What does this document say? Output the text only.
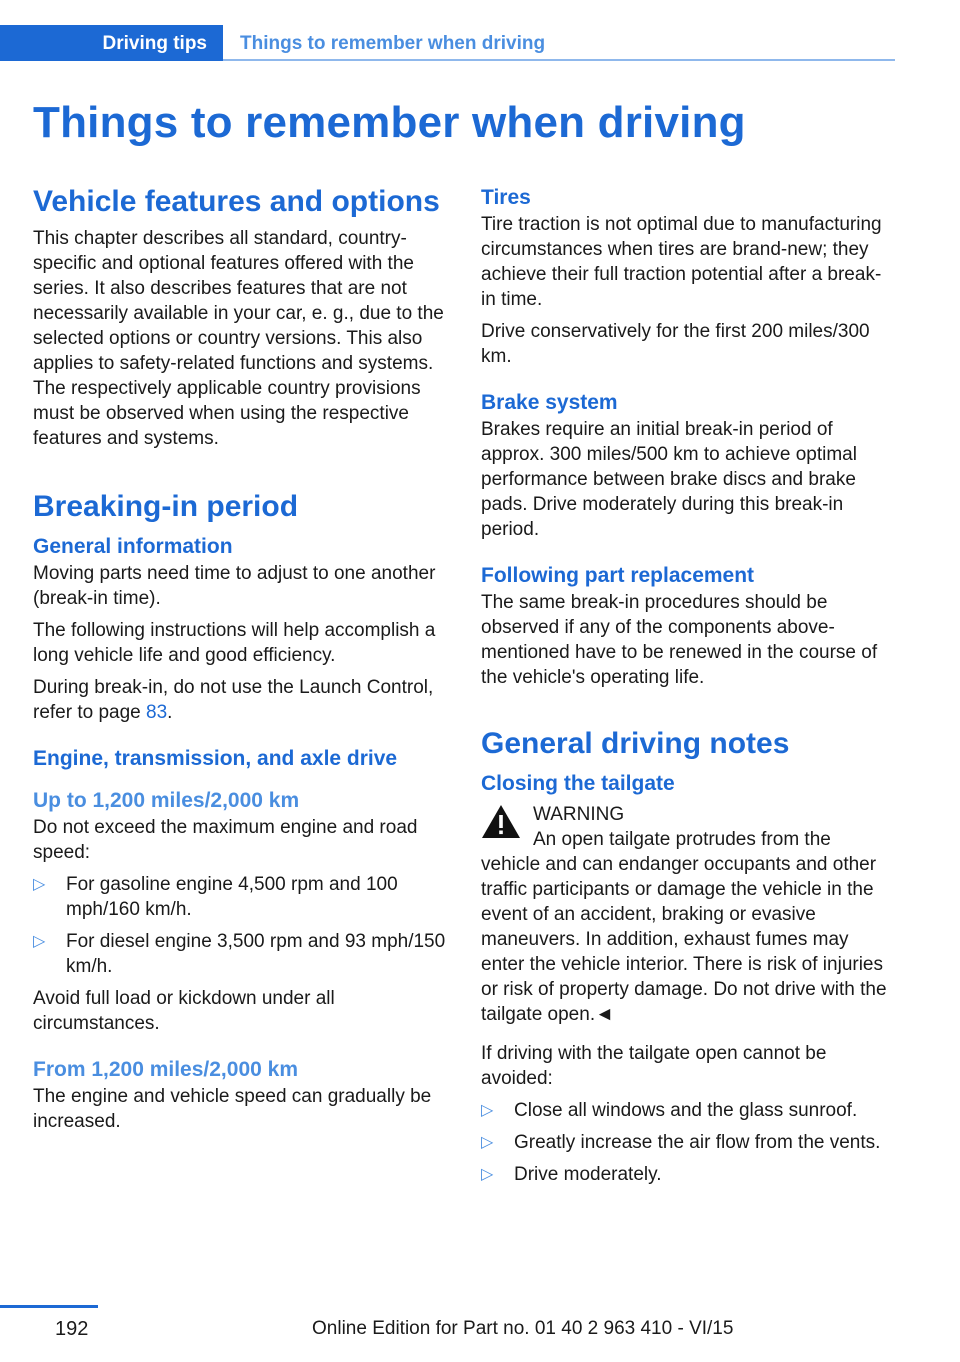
Driving tips Things to remember when driving
Things to remember when driving
Vehicle features and options

This chapter describes all standard, country-specific and optional features offered with the series. It also describes features that are not necessarily available in your car, e. g., due to the selected options or country versions. This also applies to safety-related functions and systems. The respectively applicable country provisions must be observed when using the respective features and systems.

Breaking-in period
General information

Moving parts need time to adjust to one another (break-in time).

The following instructions will help accomplish a long vehicle life and good efficiency.

During break-in, do not use the Launch Control, refer to page 83.

Engine, transmission, and axle drive
Up to 1,200 miles/2,000 km

Do not exceed the maximum engine and road speed:

▷ For gasoline engine 4,500 rpm and 100 mph/160 km/h.
▷ For diesel engine 3,500 rpm and 93 mph/150 km/h.

Avoid full load or kickdown under all circumstances.

From 1,200 miles/2,000 km

The engine and vehicle speed can gradually be increased.

Tires

Tire traction is not optimal due to manufacturing circumstances when tires are brand-new; they achieve their full traction potential after a break-in time.

Drive conservatively for the first 200 miles/300 km.

Brake system

Brakes require an initial break-in period of approx. 300 miles/500 km to achieve optimal performance between brake discs and brake pads. Drive moderately during this break-in period.

Following part replacement

The same break-in procedures should be observed if any of the components above-mentioned have to be renewed in the course of the vehicle's operating life.

General driving notes
Closing the tailgate
WARNING

An open tailgate protrudes from the vehicle and can endanger occupants and other traffic participants or damage the vehicle in the event of an accident, braking or evasive maneuvers. In addition, exhaust fumes may enter the vehicle interior. There is risk of injuries or risk of property damage. Do not drive with the tailgate open.◄

If driving with the tailgate open cannot be avoided:

▷ Close all windows and the glass sunroof.
▷ Greatly increase the air flow from the vents.
▷ Drive moderately.
192	Online Edition for Part no. 01 40 2 963 410 - VI/15
